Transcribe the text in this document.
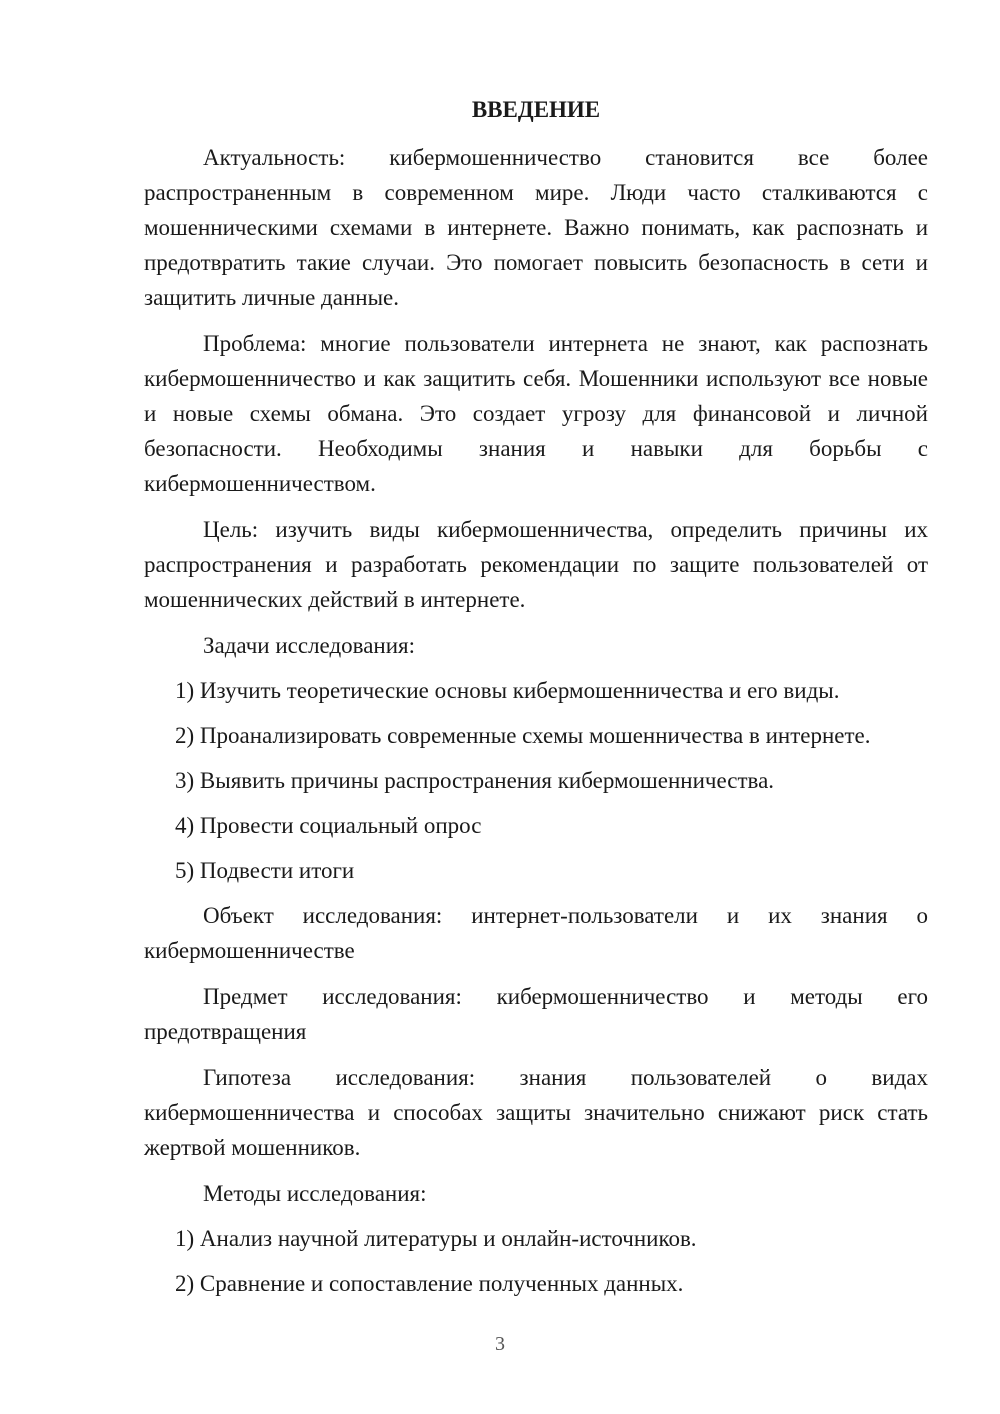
ВВЕДЕНИЕ

Актуальность: кибермошенничество становится все более распространенным в современном мире. Люди часто сталкиваются с мошенническими схемами в интернете. Важно понимать, как распознать и предотвратить такие случаи. Это помогает повысить безопасность в сети и защитить личные данные.

Проблема: многие пользователи интернета не знают, как распознать кибермошенничество и как защитить себя. Мошенники используют все новые и новые схемы обмана. Это создает угрозу для финансовой и личной безопасности. Необходимы знания и навыки для борьбы с кибермошенничеством.

Цель: изучить виды кибермошенничества, определить причины их распространения и разработать рекомендации по защите пользователей от мошеннических действий в интернете.

Задачи исследования:
1) Изучить теоретические основы кибермошенничества и его виды.
2) Проанализировать современные схемы мошенничества в интернете.
3) Выявить причины распространения кибермошенничества.
4) Провести социальный опрос
5) Подвести итоги

Объект исследования: интернет-пользователи и их знания о кибермошенничестве

Предмет исследования: кибермошенничество и методы его предотвращения

Гипотеза исследования: знания пользователей о видах кибермошенничества и способах защиты значительно снижают риск стать жертвой мошенников.

Методы исследования:
1) Анализ научной литературы и онлайн-источников.
2) Сравнение и сопоставление полученных данных.
3
